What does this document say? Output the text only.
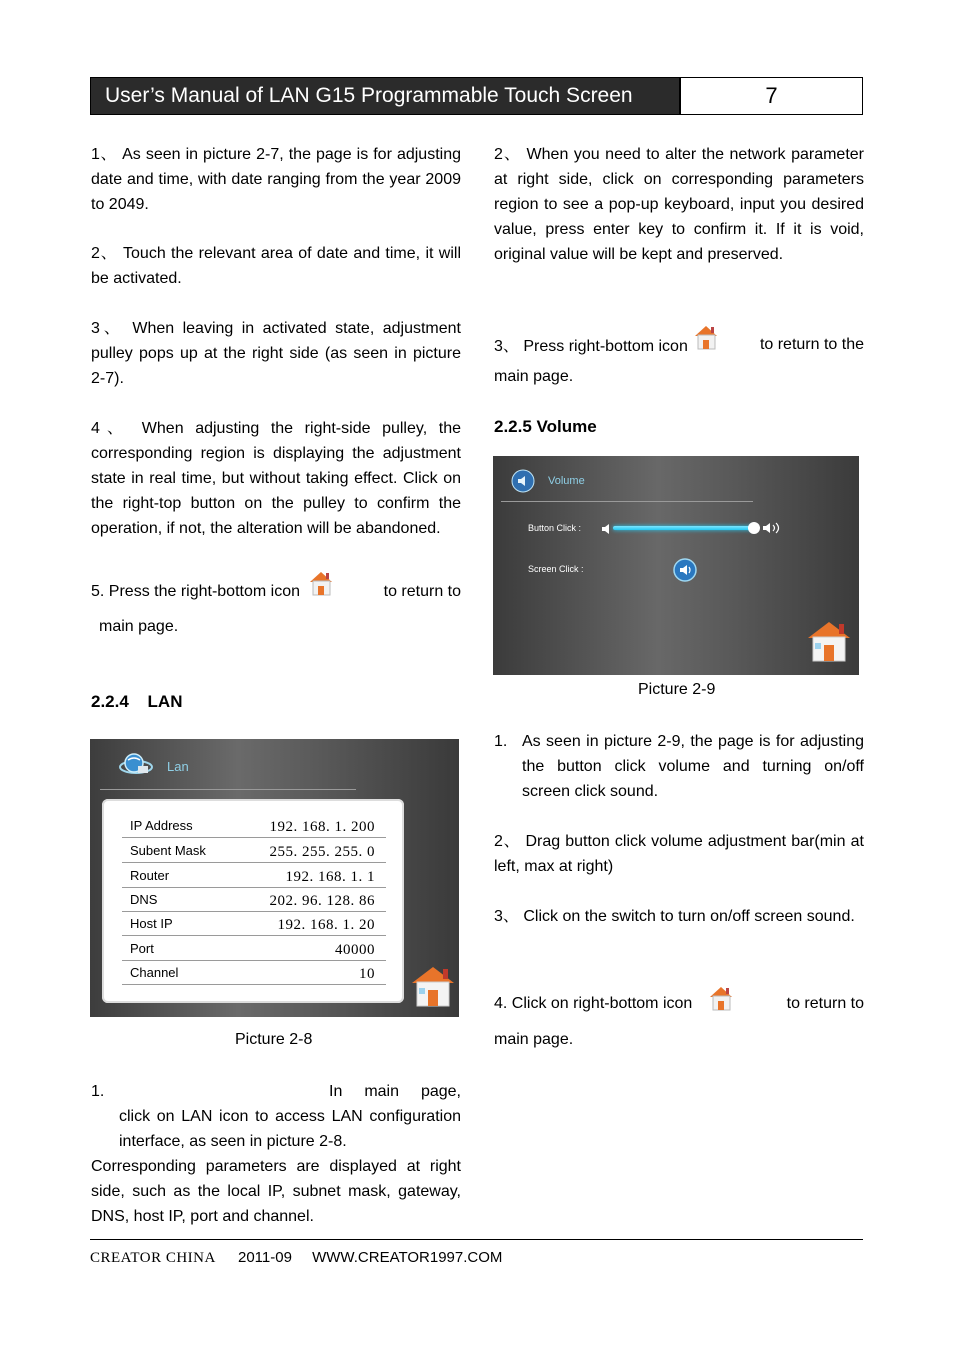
User’s Manual of LAN G15 Programmable Touch Screen	7
1、 As seen in picture 2-7, the page is for adjusting date and time, with date ranging from the year 2009 to 2049.
2、 Touch the relevant area of date and time, it will be activated.
3、 When leaving in activated state, adjustment pulley pops up at the right side (as seen in picture 2-7).
4、 When adjusting the right-side pulley, the corresponding region is displaying the adjustment state in real time, but without taking effect. Click on the right-top button on the pulley to confirm the operation, if not, the alteration will be abandoned.
5. Press the right-bottom icon	to return to
main page.
2.2.4 LAN
Lan
IP Address	192. 168. 1. 200
Subent Mask	255. 255. 255. 0
Router	192. 168. 1. 1
DNS	202. 96. 128. 86
Host IP	192. 168. 1. 20
Port	40000
Channel	10
Picture 2-8
1.	In main page,
click on LAN icon to access LAN configuration interface, as seen in picture 2-8.
Corresponding parameters are displayed at right side, such as the local IP, subnet mask, gateway, DNS, host IP, port and channel.
2、 When you need to alter the network parameter at right side, click on corresponding parameters region to see a pop-up keyboard, input you desired value, press enter key to confirm it. If it is void, original value will be kept and preserved.
3、 Press right-bottom icon	to return to the
main page.
2.2.5 Volume
Volume
Button Click :
Screen Click :
Picture 2-9
1. As seen in picture 2-9, the page is for adjusting the button click volume and turning on/off screen click sound.
2、 Drag button click volume adjustment bar(min at left, max at right)
3、 Click on the switch to turn on/off screen sound.
4. Click on right-bottom icon	to return to
main page.
CREATOR CHINA 2011-09 WWW.CREATOR1997.COM
